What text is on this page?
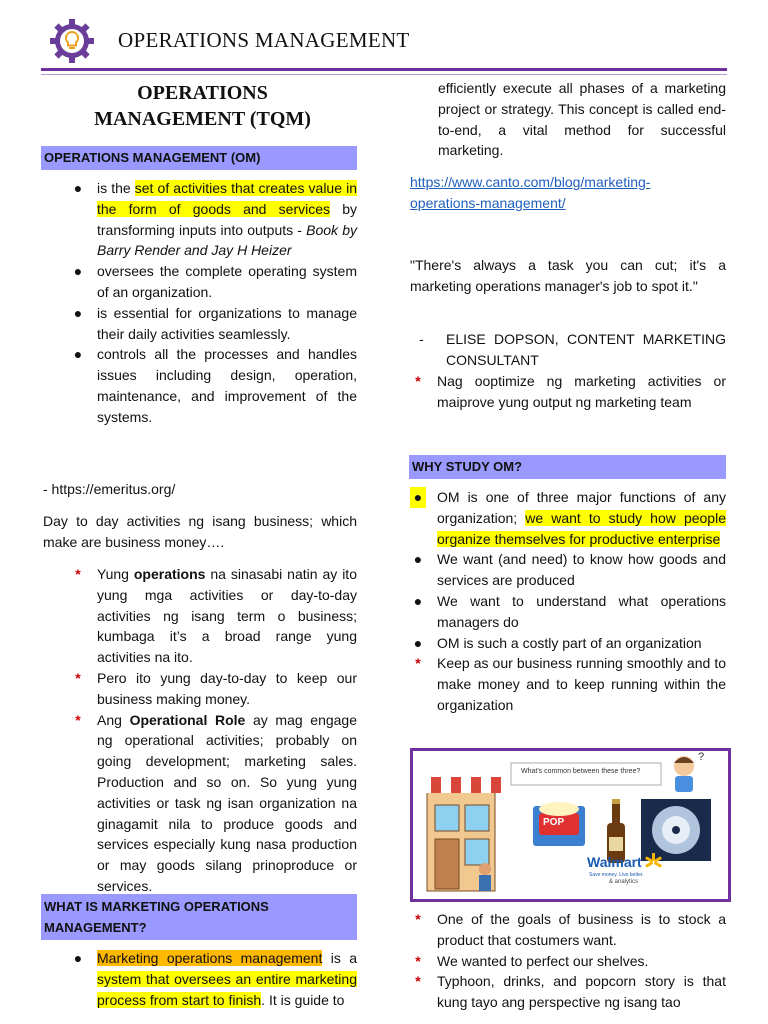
OPERATIONS MANAGEMENT
OPERATIONS
MANAGEMENT (TQM)
OPERATIONS MANAGEMENT (OM)
● is the set of activities that creates value in the form of goods and services by transforming inputs into outputs - Book by Barry Render and Jay H Heizer
● oversees the complete operating system of an organization.
● is essential for organizations to manage their daily activities seamlessly.
● controls all the processes and handles issues including design, operation, maintenance, and improvement of the systems.
- https://emeritus.org/
Day to day activities ng isang business; which make are business money….
*	Yung operations na sinasabi natin ay ito yung mga activities or day-to-day activities ng isang term o business; kumbaga it’s a broad range yung activities na ito.
*	Pero ito yung day-to-day to keep our business making money.
*	Ang Operational Role ay mag engage ng operational activities; probably on going development; marketing sales. Production and so on. So yung yung activities or task ng isan organization na ginagamit nila to produce goods and services especially kung nasa production or may goods silang prinoproduce or services.
WHAT IS MARKETING OPERATIONS MANAGEMENT?
● Marketing operations management is a system that oversees an entire marketing process from start to finish. It is guide to
efficiently execute all phases of a marketing project or strategy. This concept is called end-to-end, a vital method for successful marketing.
https://www.canto.com/blog/marketing-operations-management/
"There's always a task you can cut; it's a marketing operations manager's job to spot it."
- ELISE DOPSON, CONTENT MARKETING CONSULTANT
*	Nag ooptimize ng marketing activities or maiprove yung output ng marketing team
WHY STUDY OM?
● OM is one of three major functions of any organization; we want to study how people organize themselves for productive enterprise
● We want (and need) to know how goods and services are produced
● We want to understand what operations managers do
● OM is such a costly part of an organization
*	Keep as our business running smoothly and to make money and to keep running within the organization
What's common between these three?
POP
?
Walmart
Save money. Live better.
& analytics
*	One of the goals of business is to stock a product that costumers want.
*	We wanted to perfect our shelves.
*	Typhoon, drinks, and popcorn story is that kung tayo ang perspective ng isang tao
